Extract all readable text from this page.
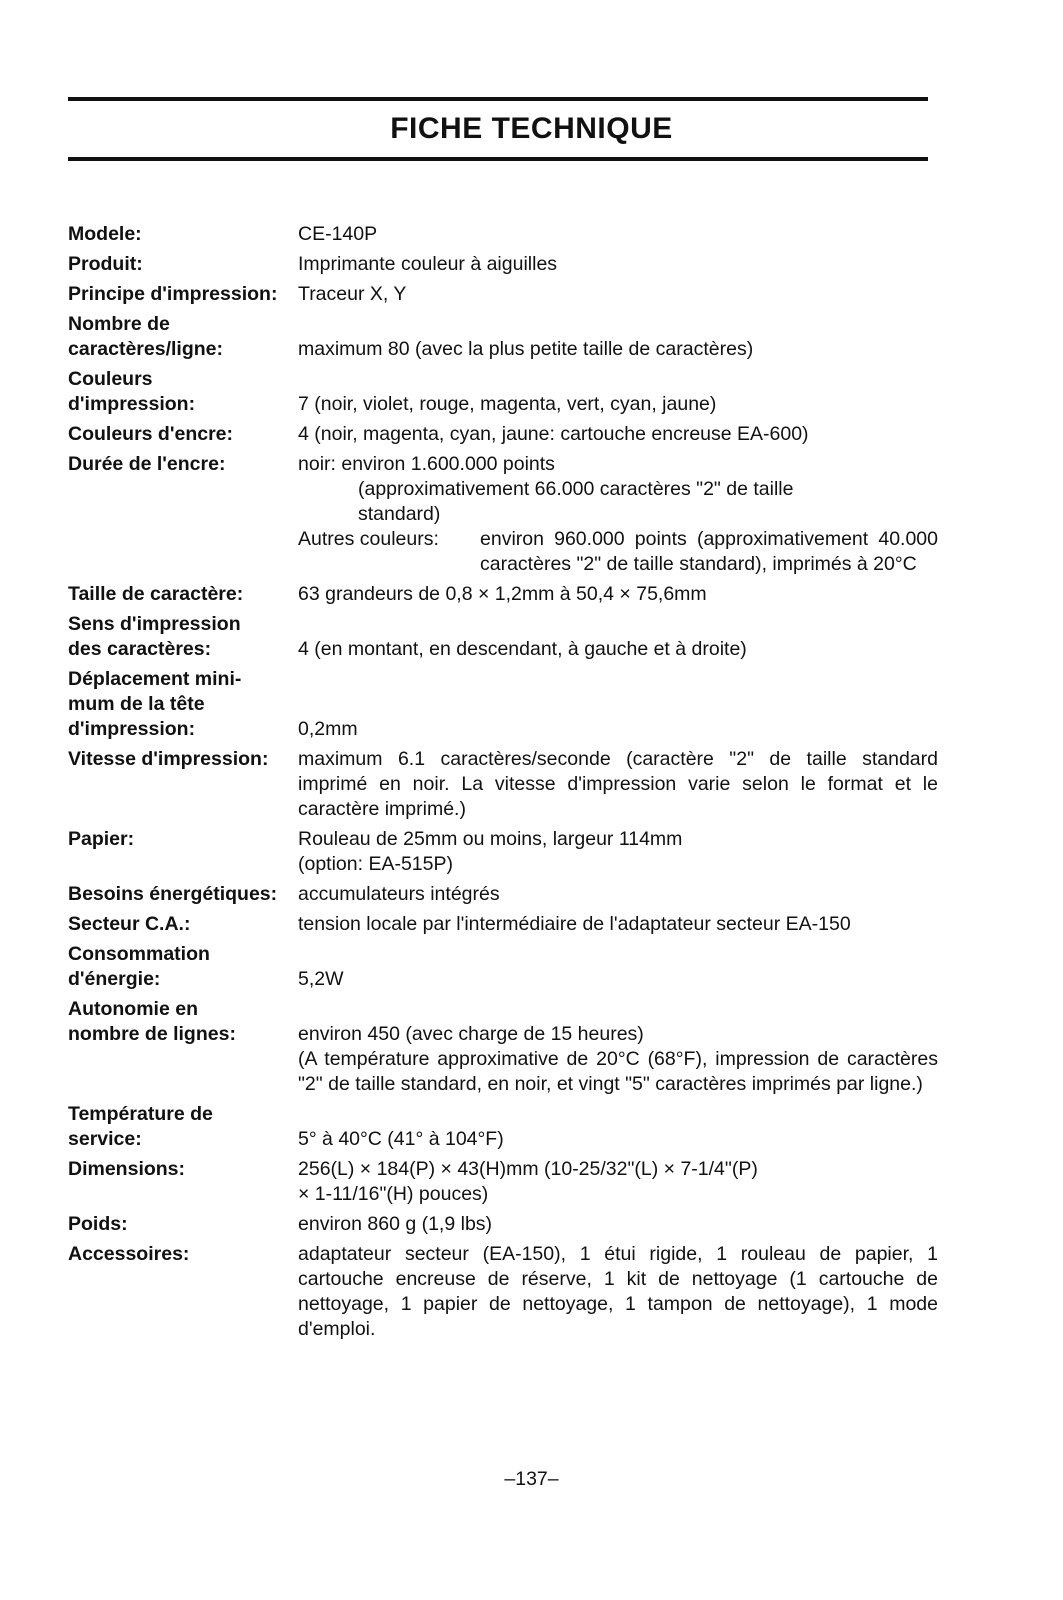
FICHE TECHNIQUE
Modele:	CE-140P
Produit:	Imprimante couleur à aiguilles
Principe d'impression:	Traceur X, Y
Nombre de
caractères/ligne:	maximum 80 (avec la plus petite taille de caractères)
Couleurs
d'impression:	7 (noir, violet, rouge, magenta, vert, cyan, jaune)
Couleurs d'encre:	4 (noir, magenta, cyan, jaune: cartouche encreuse EA-600)
Durée de l'encre:	noir: environ 1.600.000 points
(approximativement 66.000 caractères "2" de taille
standard)
Autres couleurs:	environ 960.000 points (approximativement 40.000 caractères "2" de taille standard), imprimés à 20°C
Taille de caractère:	63 grandeurs de 0,8 × 1,2mm à 50,4 × 75,6mm
Sens d'impression
des caractères:	4 (en montant, en descendant, à gauche et à droite)
Déplacement mini-
mum de la tête
d'impression:	0,2mm
Vitesse d'impression:	maximum 6.1 caractères/seconde (caractère "2" de taille standard imprimé en noir. La vitesse d'impression varie selon le format et le caractère imprimé.)
Papier:	Rouleau de 25mm ou moins, largeur 114mm
(option: EA-515P)
Besoins énergétiques:	accumulateurs intégrés
Secteur C.A.:	tension locale par l'intermédiaire de l'adaptateur secteur EA-150
Consommation
d'énergie:	5,2W
Autonomie en
nombre de lignes:	environ 450 (avec charge de 15 heures)
(A température approximative de 20°C (68°F), impression de caractères "2" de taille standard, en noir, et vingt "5" caractères imprimés par ligne.)
Température de
service:	5° à 40°C (41° à 104°F)
Dimensions:	256(L) × 184(P) × 43(H)mm (10-25/32"(L) × 7-1/4"(P)
× 1-11/16"(H) pouces)
Poids:	environ 860 g (1,9 lbs)
Accessoires:	adaptateur secteur (EA-150), 1 étui rigide, 1 rouleau de papier, 1 cartouche encreuse de réserve, 1 kit de nettoyage (1 cartouche de nettoyage, 1 papier de nettoyage, 1 tampon de nettoyage), 1 mode d'emploi.
–137–
